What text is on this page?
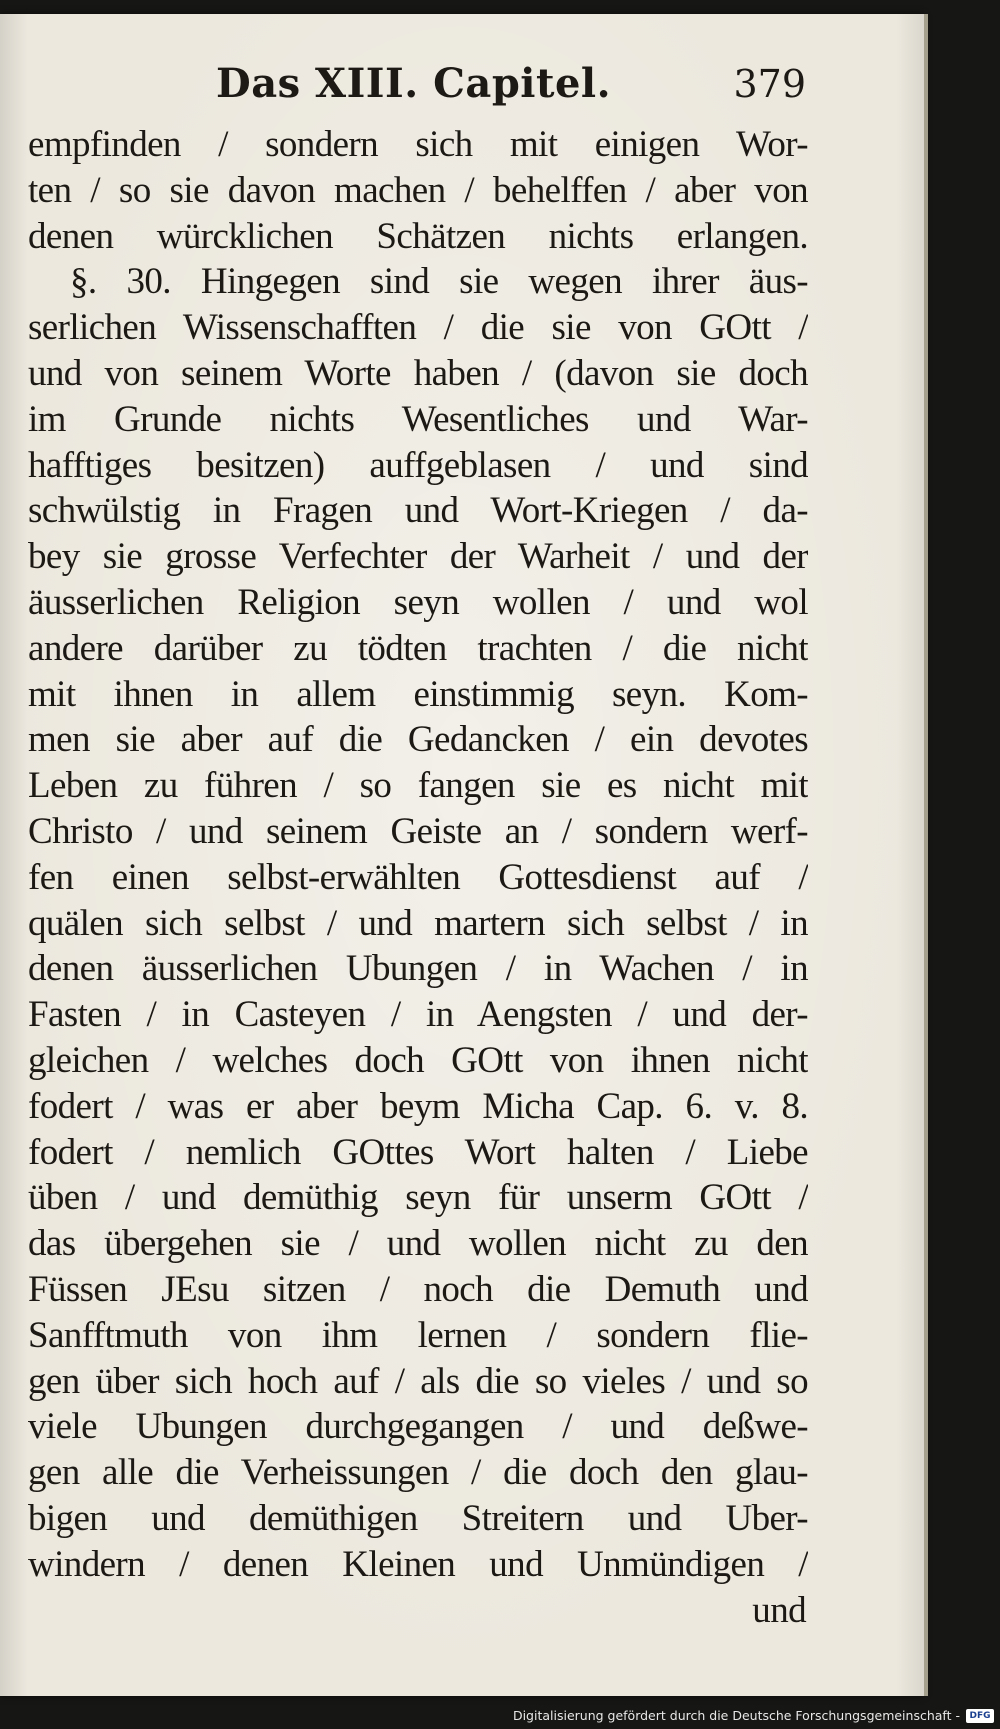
Das XIII. Capitel.	379
empfinden / sondern sich mit einigen Wor-
ten / so sie davon machen / behelffen / aber von
denen würcklichen Schätzen nichts erlangen.
§. 30. Hingegen sind sie wegen ihrer äus-
serlichen Wissenschafften / die sie von GOtt /
und von seinem Worte haben / (davon sie doch
im Grunde nichts Wesentliches und War-
hafftiges besitzen) auffgeblasen / und sind
schwülstig in Fragen und Wort-Kriegen / da-
bey sie grosse Verfechter der Warheit / und der
äusserlichen Religion seyn wollen / und wol
andere darüber zu tödten trachten / die nicht
mit ihnen in allem einstimmig seyn. Kom-
men sie aber auf die Gedancken / ein devotes
Leben zu führen / so fangen sie es nicht mit
Christo / und seinem Geiste an / sondern werf-
fen einen selbst-erwählten Gottesdienst auf /
quälen sich selbst / und martern sich selbst / in
denen äusserlichen Ubungen / in Wachen / in
Fasten / in Casteyen / in Aengsten / und der-
gleichen / welches doch GOtt von ihnen nicht
fodert / was er aber beym Micha Cap. 6. v. 8.
fodert / nemlich GOttes Wort halten / Liebe
üben / und demüthig seyn für unserm GOtt /
das übergehen sie / und wollen nicht zu den
Füssen JEsu sitzen / noch die Demuth und
Sanfftmuth von ihm lernen / sondern flie-
gen über sich hoch auf / als die so vieles / und so
viele Ubungen durchgegangen / und deßwe-
gen alle die Verheissungen / die doch den glau-
bigen und demüthigen Streitern und Uber-
windern / denen Kleinen und Unmündigen /
und
Digitalisierung gefördert durch die Deutsche Forschungsgemeinschaft -	DFG
